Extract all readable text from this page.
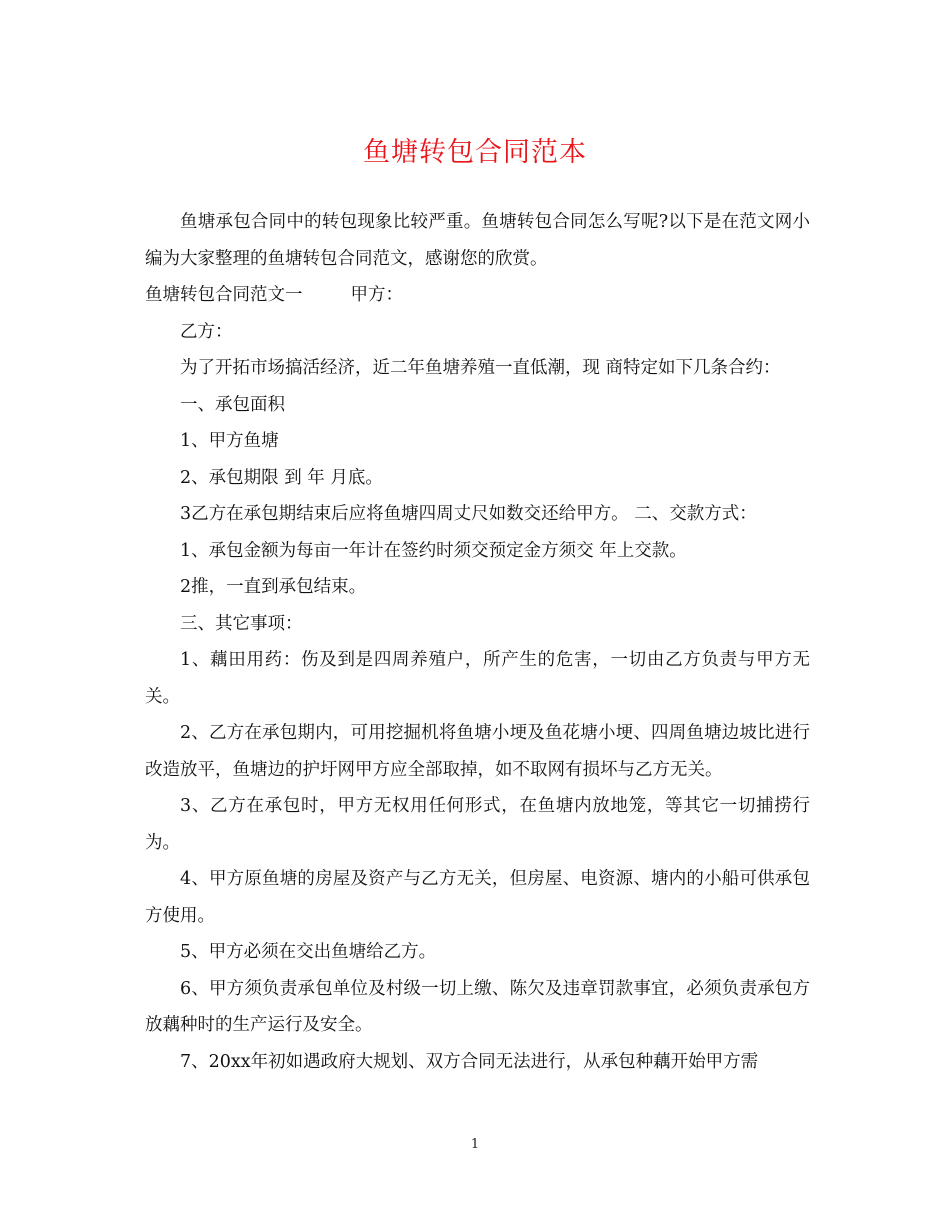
鱼塘转包合同范本

鱼塘承包合同中的转包现象比较严重。鱼塘转包合同怎么写呢?以下是在范文网小编为大家整理的鱼塘转包合同范文，感谢您的欣赏。

鱼塘转包合同范文一	甲方：

乙方：

为了开拓市场搞活经济，近二年鱼塘养殖一直低潮，现 商特定如下几条合约：

一、承包面积

1、甲方鱼塘

2、承包期限 到 年 月底。

3乙方在承包期结束后应将鱼塘四周丈尺如数交还给甲方。 二、交款方式：

1、承包金额为每亩一年计在签约时须交预定金方须交 年上交款。

2推，一直到承包结束。

三、其它事项：

1、藕田用药：伤及到是四周养殖户，所产生的危害，一切由乙方负责与甲方无关。

2、乙方在承包期内，可用挖掘机将鱼塘小埂及鱼花塘小埂、四周鱼塘边坡比进行改造放平，鱼塘边的护圩网甲方应全部取掉，如不取网有损坏与乙方无关。

3、乙方在承包时，甲方无权用任何形式，在鱼塘内放地笼，等其它一切捕捞行为。

4、甲方原鱼塘的房屋及资产与乙方无关，但房屋、电资源、塘内的小船可供承包方使用。

5、甲方必须在交出鱼塘给乙方。

6、甲方须负责承包单位及村级一切上缴、陈欠及违章罚款事宜，必须负责承包方放藕种时的生产运行及安全。

7、20xx年初如遇政府大规划、双方合同无法进行，从承包种藕开始甲方需

1
